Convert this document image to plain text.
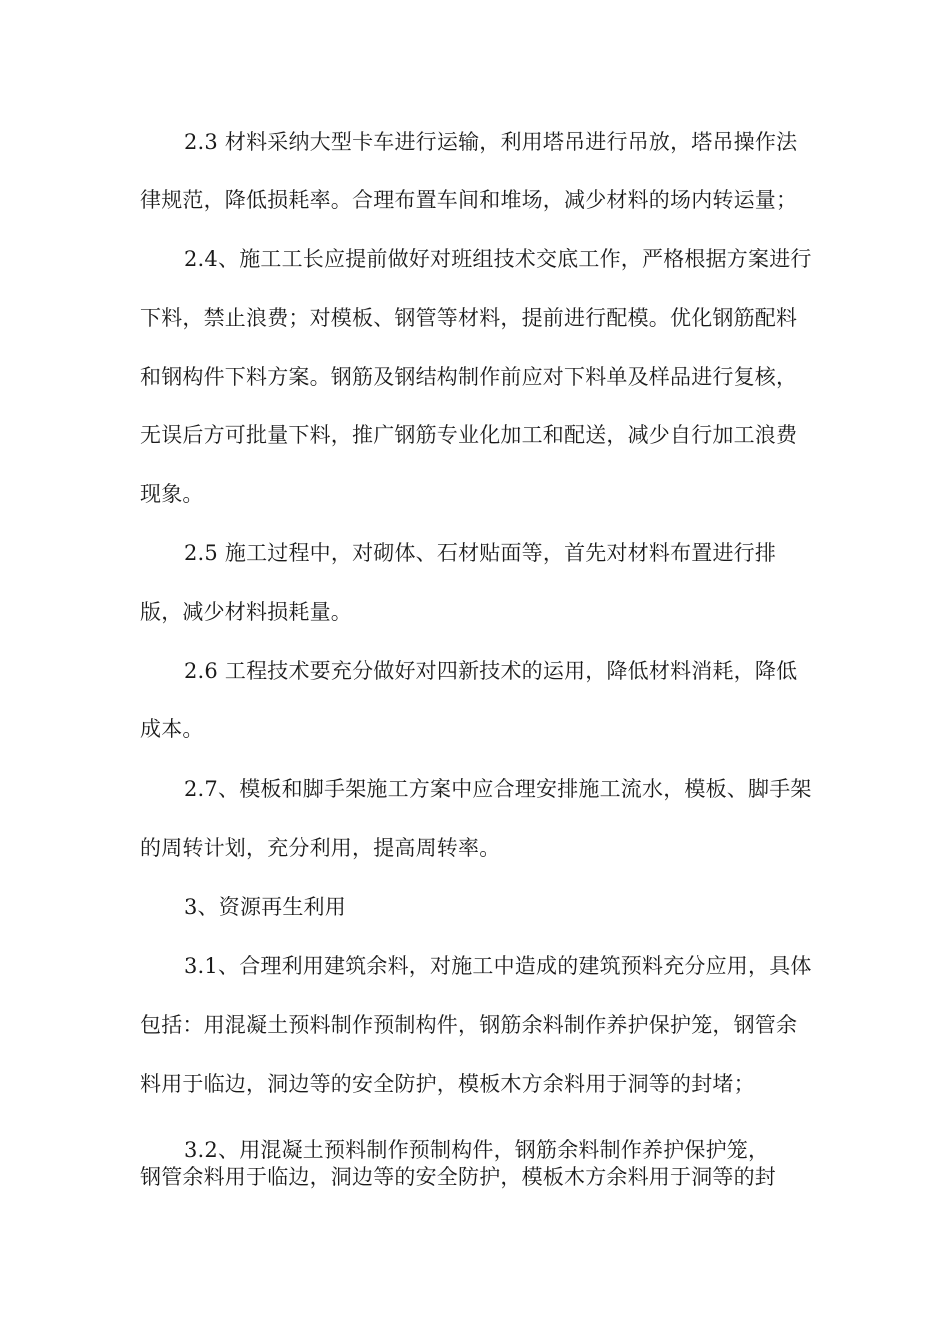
2.3 材料采纳大型卡车进行运输，利用塔吊进行吊放，塔吊操作法
律规范，降低损耗率。合理布置车间和堆场，减少材料的场内转运量；
2.4、施工工长应提前做好对班组技术交底工作，严格根据方案进行
下料，禁止浪费；对模板、钢管等材料，提前进行配模。优化钢筋配料
和钢构件下料方案。钢筋及钢结构制作前应对下料单及样品进行复核，
无误后方可批量下料，推广钢筋专业化加工和配送，减少自行加工浪费
现象。
2.5 施工过程中，对砌体、石材贴面等，首先对材料布置进行排
版，减少材料损耗量。
2.6 工程技术要充分做好对四新技术的运用，降低材料消耗，降低
成本。
2.7、模板和脚手架施工方案中应合理安排施工流水，模板、脚手架
的周转计划，充分利用，提高周转率。
3、资源再生利用
3.1、合理利用建筑余料，对施工中造成的建筑预料充分应用，具体
包括：用混凝土预料制作预制构件，钢筋余料制作养护保护笼，钢管余
料用于临边，洞边等的安全防护，模板木方余料用于洞等的封堵；
3.2、用混凝土预料制作预制构件，钢筋余料制作养护保护笼，
钢管余料用于临边，洞边等的安全防护，模板木方余料用于洞等的封
